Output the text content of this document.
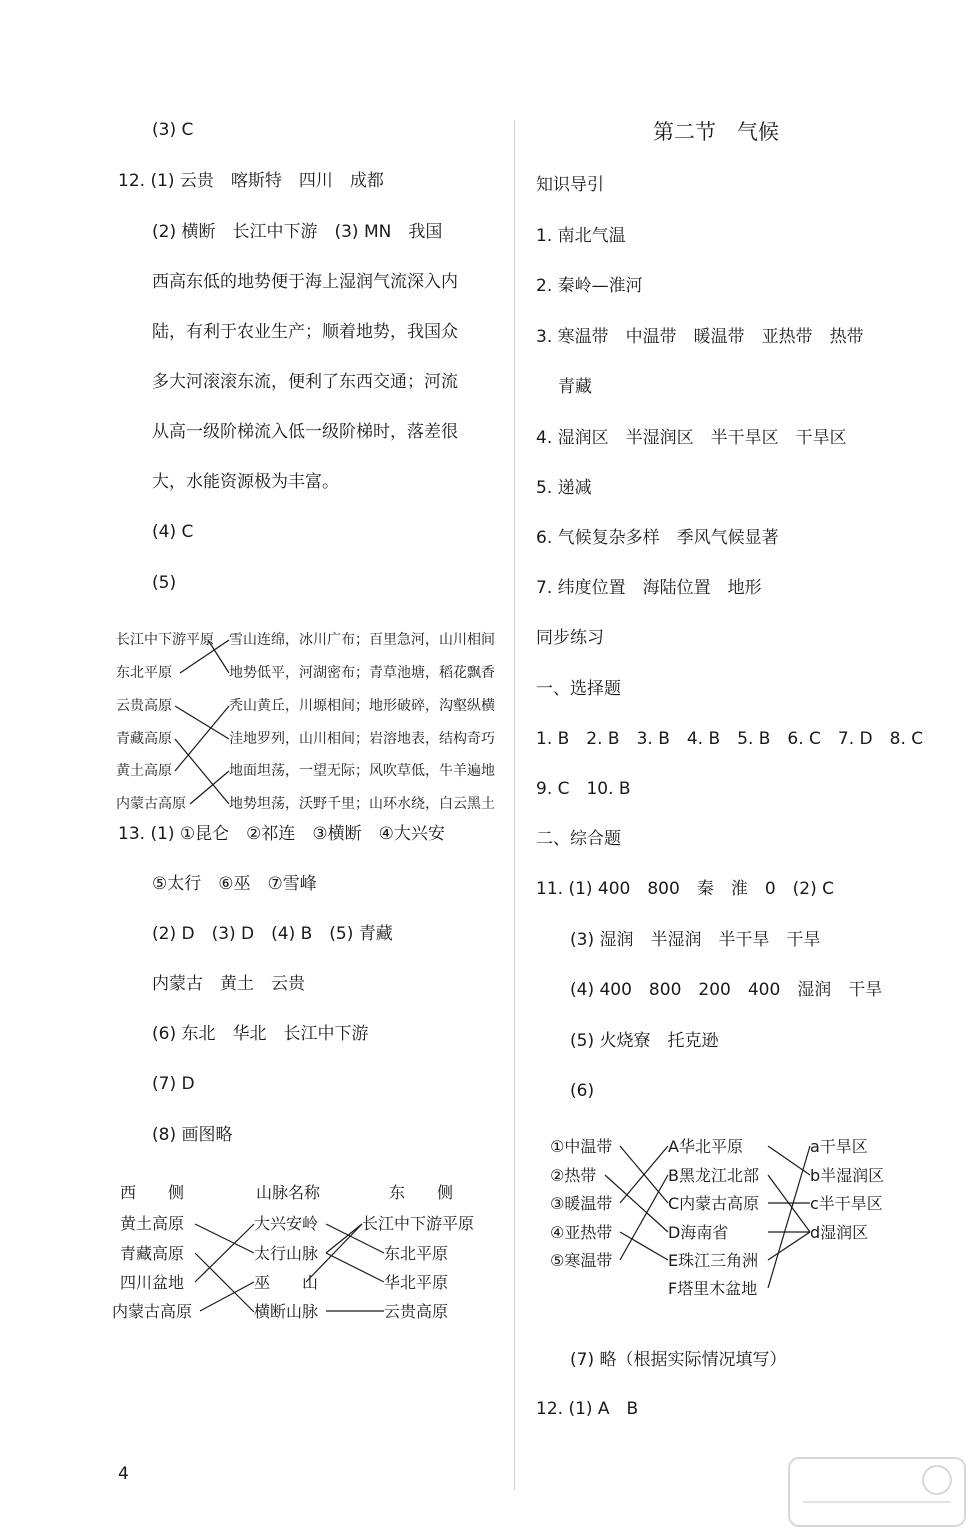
(3) C
12. (1) 云贵　喀斯特　四川　成都
(2) 横断　长江中下游　(3) MN　我国
西高东低的地势便于海上湿润气流深入内
陆，有利于农业生产；顺着地势，我国众
多大河滚滚东流，便利了东西交通；河流
从高一级阶梯流入低一级阶梯时，落差很
大，水能资源极为丰富。
(4) C
(5)
长江中下游平原
东北平原
云贵高原
青藏高原
黄土高原
内蒙古高原
雪山连绵，冰川广布；百里急河，山川相间
地势低平，河湖密布；青草池塘，稻花飘香
秃山黄丘，川塬相间；地形破碎，沟壑纵横
洼地罗列，山川相间；岩溶地表，结构奇巧
地面坦荡，一望无际；风吹草低，牛羊遍地
地势坦荡，沃野千里；山环水绕，白云黑土
13. (1) ①昆仑　②祁连　③横断　④大兴安
⑤太行　⑥巫　⑦雪峰
(2) D　(3) D　(4) B　(5) 青藏
内蒙古　黄土　云贵
(6) 东北　华北　长江中下游
(7) D
(8) 画图略
西　　侧	山脉名称	东　　侧
黄土高原
青藏高原
四川盆地
内蒙古高原
大兴安岭
太行山脉
巫　　山
横断山脉
长江中下游平原
东北平原
华北平原
云贵高原
4
第二节　气候
知识导引
1. 南北气温
2. 秦岭—淮河
3. 寒温带　中温带　暖温带　亚热带　热带
青藏
4. 湿润区　半湿润区　半干旱区　干旱区
5. 递减
6. 气候复杂多样　季风气候显著
7. 纬度位置　海陆位置　地形
同步练习
一、选择题
1. B　2. B　3. B　4. B　5. B　6. C　7. D　8. C
9. C　10. B
二、综合题
11. (1) 400　800　秦　淮　0　(2) C
(3) 湿润　半湿润　半干旱　干旱
(4) 400　800　200　400　湿润　干旱
(5) 火烧寮　托克逊
(6)
①中温带
②热带
③暖温带
④亚热带
⑤寒温带
A华北平原
B黑龙江北部
C内蒙古高原
D海南省
E珠江三角洲
F塔里木盆地
a干旱区
b半湿润区
c半干旱区
d湿润区
(7) 略（根据实际情况填写）
12. (1) A　B
